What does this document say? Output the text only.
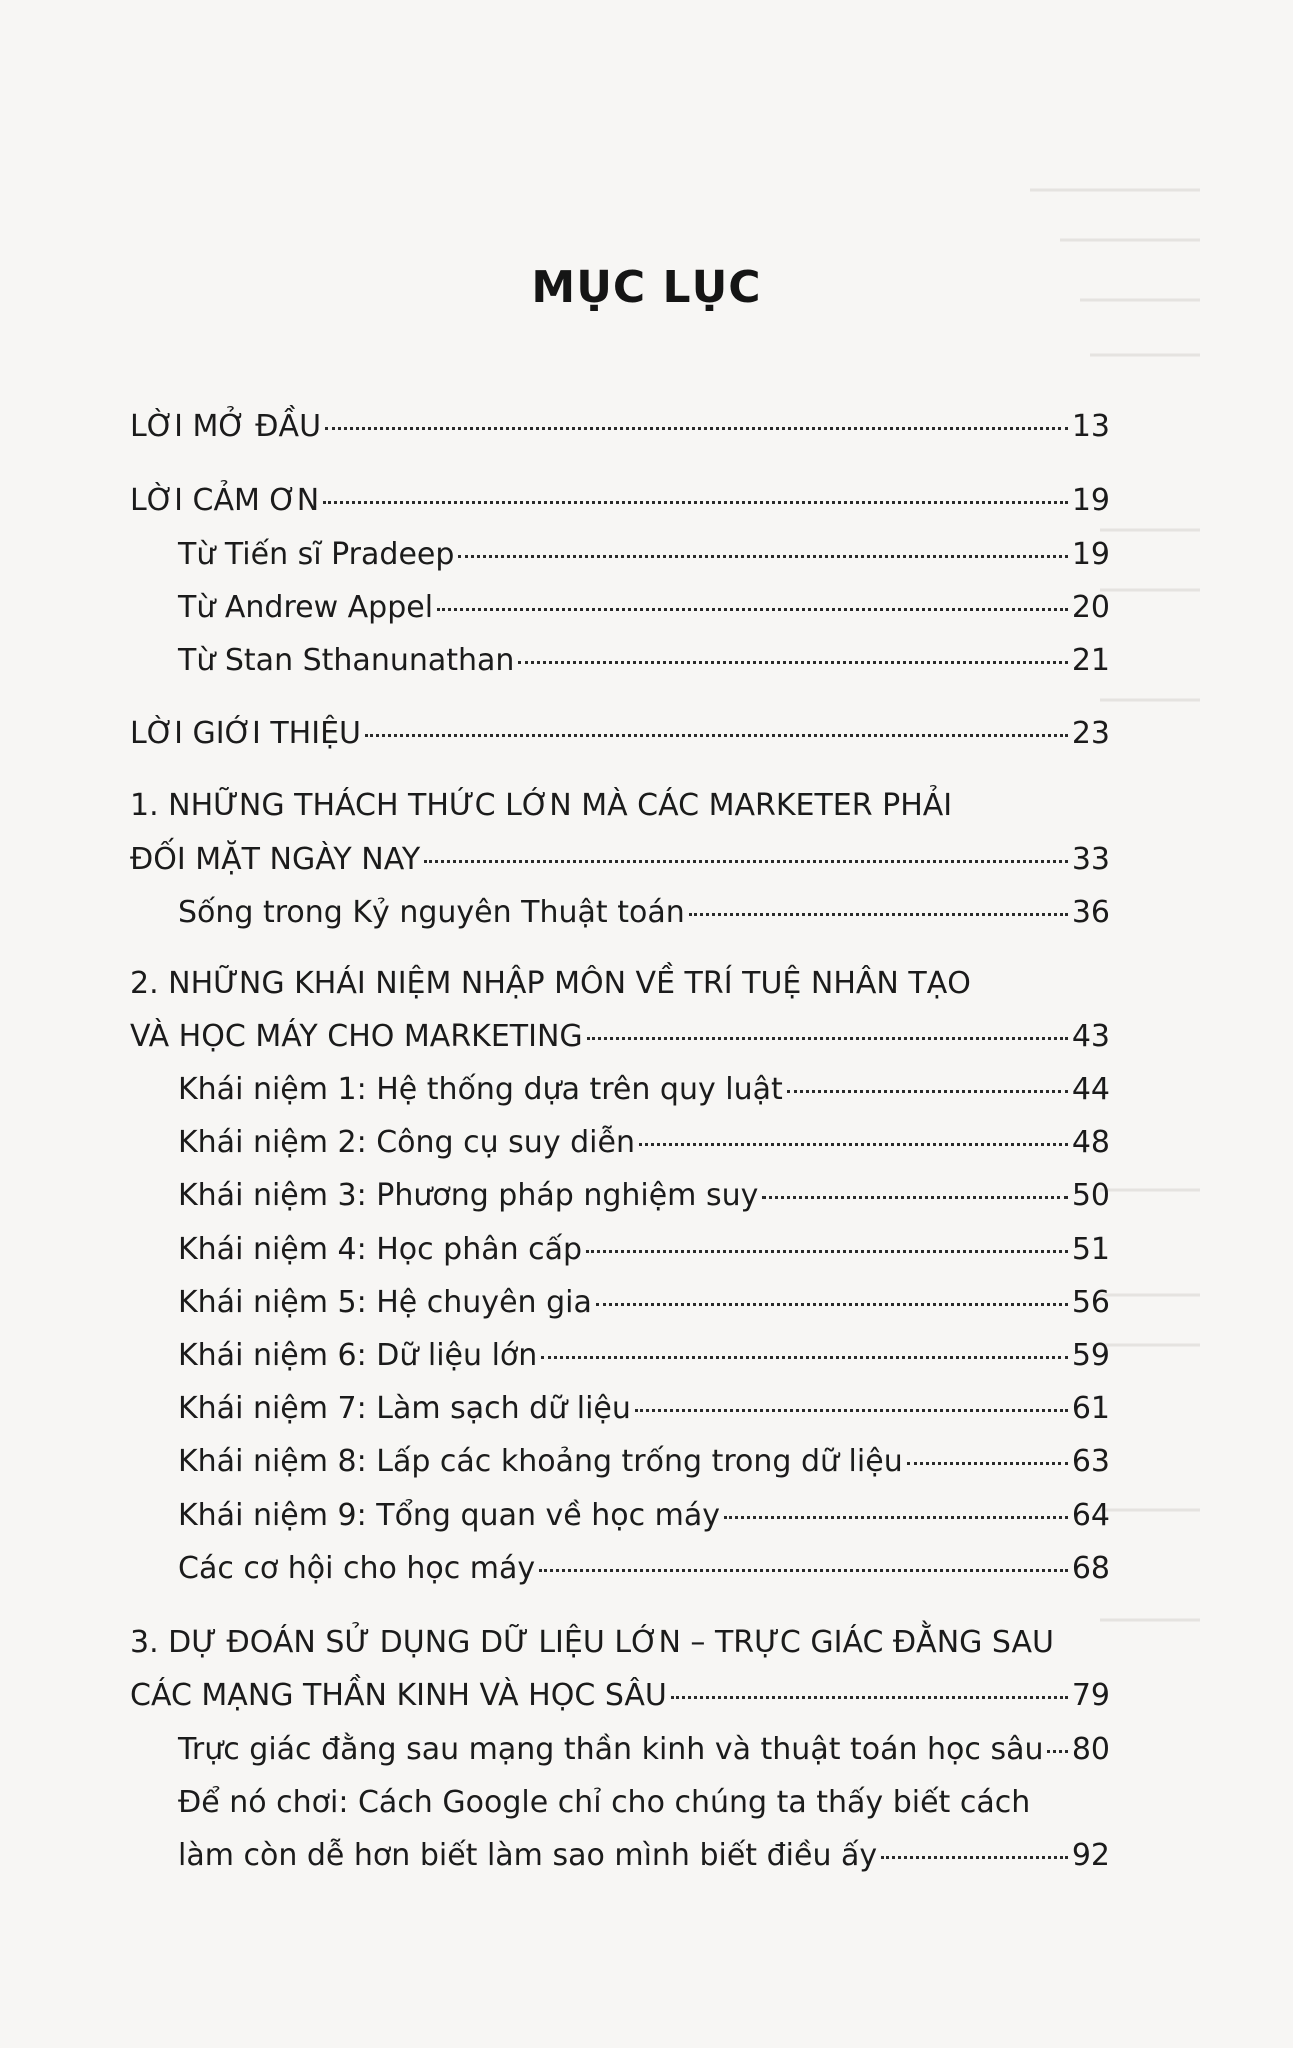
MỤC LỤC
LỜI MỞ ĐẦU	13
LỜI CẢM ƠN	19
Từ Tiến sĩ Pradeep	19
Từ Andrew Appel	20
Từ Stan Sthanunathan	21
LỜI GIỚI THIỆU	23
1. NHỮNG THÁCH THỨC LỚN MÀ CÁC MARKETER PHẢI
ĐỐI MẶT NGÀY NAY	33
Sống trong Kỷ nguyên Thuật toán	36
2. NHỮNG KHÁI NIỆM NHẬP MÔN VỀ TRÍ TUỆ NHÂN TẠO
VÀ HỌC MÁY CHO MARKETING	43
Khái niệm 1: Hệ thống dựa trên quy luật	44
Khái niệm 2: Công cụ suy diễn	48
Khái niệm 3: Phương pháp nghiệm suy	50
Khái niệm 4: Học phân cấp	51
Khái niệm 5: Hệ chuyên gia	56
Khái niệm 6: Dữ liệu lớn	59
Khái niệm 7: Làm sạch dữ liệu	61
Khái niệm 8: Lấp các khoảng trống trong dữ liệu	63
Khái niệm 9: Tổng quan về học máy	64
Các cơ hội cho học máy	68
3. DỰ ĐOÁN SỬ DỤNG DỮ LIỆU LỚN – TRỰC GIÁC ĐẰNG SAU
CÁC MẠNG THẦN KINH VÀ HỌC SÂU	79
Trực giác đằng sau mạng thần kinh và thuật toán học sâu 80
Để nó chơi: Cách Google chỉ cho chúng ta thấy biết cách
làm còn dễ hơn biết làm sao mình biết điều ấy	92
